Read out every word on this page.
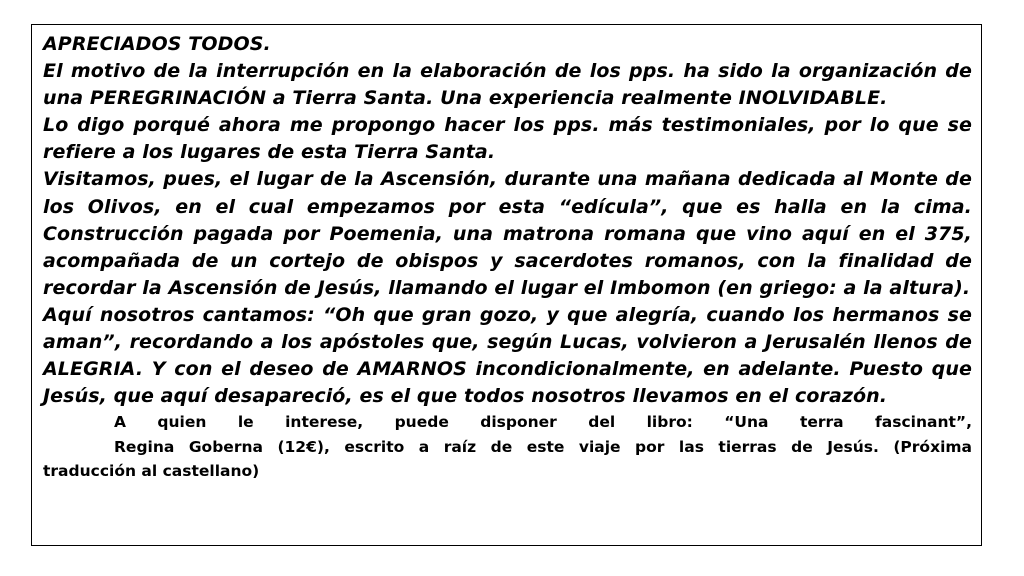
APRECIADOS TODOS.

El motivo de la interrupción en la elaboración de los pps. ha sido la organización de una PEREGRINACIÓN a Tierra Santa. Una experiencia realmente INOLVIDABLE.

Lo digo porqué ahora me propongo hacer los pps. más testimoniales, por lo que se refiere a los lugares de esta Tierra Santa.

Visitamos, pues, el lugar de la Ascensión, durante una mañana dedicada al Monte de los Olivos, en el cual empezamos por esta “edícula”, que es halla en la cima. Construcción pagada por Poemenia, una matrona romana que vino aquí en el 375, acompañada de un cortejo de obispos y sacerdotes romanos, con la finalidad de recordar la Ascensión de Jesús, llamando el lugar el Imbomon (en griego: a la altura).

Aquí nosotros cantamos: “Oh que gran gozo, y que alegría, cuando los hermanos se aman”, recordando a los apóstoles que, según Lucas, volvieron a Jerusalén llenos de ALEGRIA. Y con el deseo de AMARNOS incondicionalmente, en adelante. Puesto que Jesús, que aquí desapareció, es el que todos nosotros llevamos en el corazón.

A quien le interese, puede disponer del libro: “Una terra fascinant”,
Regina Goberna (12€), escrito a raíz de este viaje por las tierras de Jesús. (Próxima
traducción al castellano)
